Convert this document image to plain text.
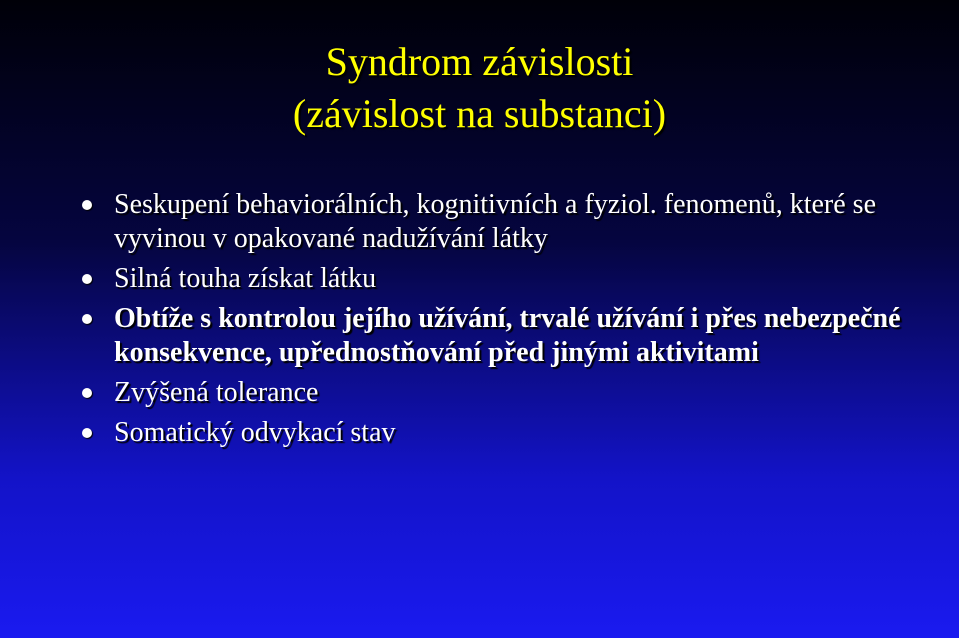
Syndrom závislosti
(závislost na substanci)
Seskupení behaviorálních, kognitivních a fyziol. fenomenů, které se vyvinou v opakované nadužívání látky
Silná touha získat látku
Obtíže s kontrolou jejího užívání, trvalé užívání i přes nebezpečné konsekvence, upřednostňování před jinými aktivitami
Zvýšená tolerance
Somatický odvykací stav
